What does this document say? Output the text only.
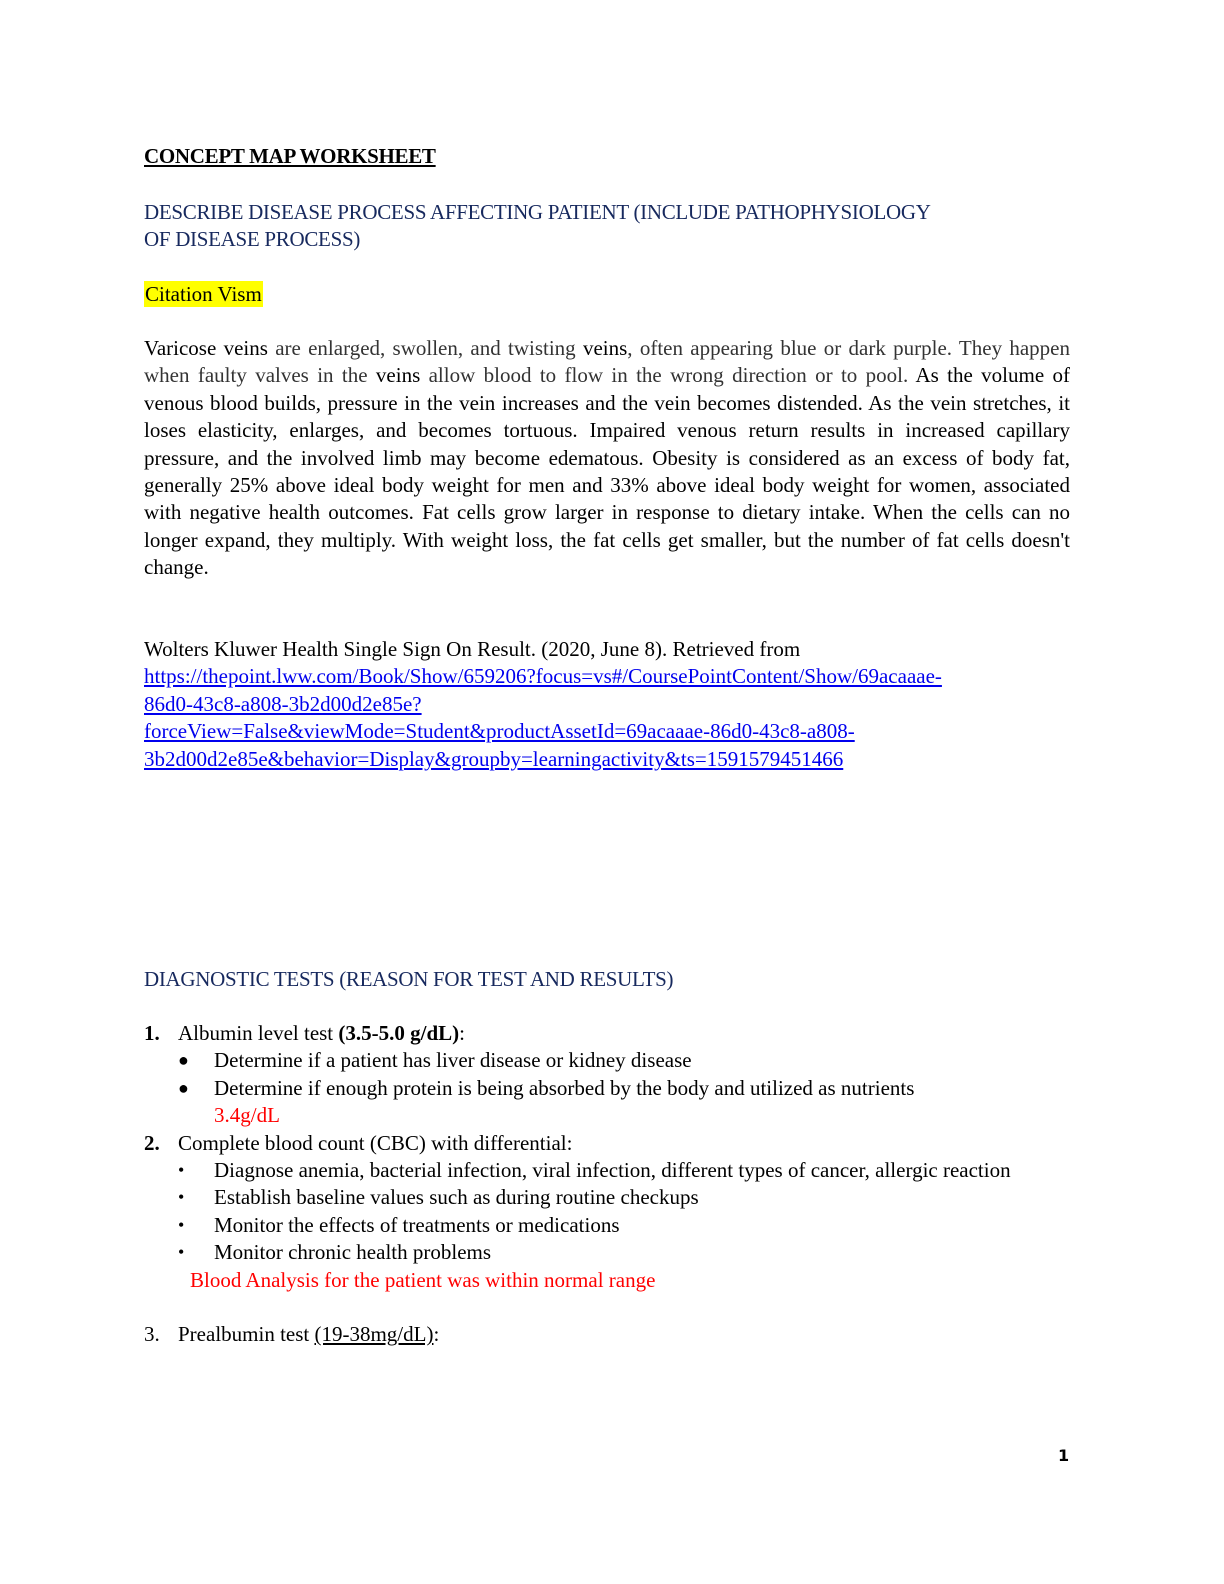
CONCEPT MAP WORKSHEET
DESCRIBE DISEASE PROCESS AFFECTING PATIENT (INCLUDE PATHOPHYSIOLOGY
OF DISEASE PROCESS)
Citation Vism
Varicose veins are enlarged, swollen, and twisting veins, often appearing blue or dark purple. They happen when faulty valves in the veins allow blood to flow in the wrong direction or to pool. As the volume of venous blood builds, pressure in the vein increases and the vein becomes distended. As the vein stretches, it loses elasticity, enlarges, and becomes tortuous. Impaired venous return results in increased capillary pressure, and the involved limb may become edematous. Obesity is considered as an excess of body fat, generally 25% above ideal body weight for men and 33% above ideal body weight for women, associated with negative health outcomes. Fat cells grow larger in response to dietary intake. When the cells can no longer expand, they multiply. With weight loss, the fat cells get smaller, but the number of fat cells doesn't change.
Wolters Kluwer Health Single Sign On Result. (2020, June 8). Retrieved from
https://thepoint.lww.com/Book/Show/659206?focus=vs#/CoursePointContent/Show/69acaaae-
86d0-43c8-a808-3b2d00d2e85e?
forceView=False&viewMode=Student&productAssetId=69acaaae-86d0-43c8-a808-
3b2d00d2e85e&behavior=Display&groupby=learningactivity&ts=1591579451466
DIAGNOSTIC TESTS (REASON FOR TEST AND RESULTS)
1. Albumin level test (3.5-5.0 g/dL):
● Determine if a patient has liver disease or kidney disease
● Determine if enough protein is being absorbed by the body and utilized as nutrients
3.4g/dL
2. Complete blood count (CBC) with differential:
• Diagnose anemia, bacterial infection, viral infection, different types of cancer, allergic reaction
• Establish baseline values such as during routine checkups
• Monitor the effects of treatments or medications
• Monitor chronic health problems
Blood Analysis for the patient was within normal range
3. Prealbumin test (19-38mg/dL):
1
